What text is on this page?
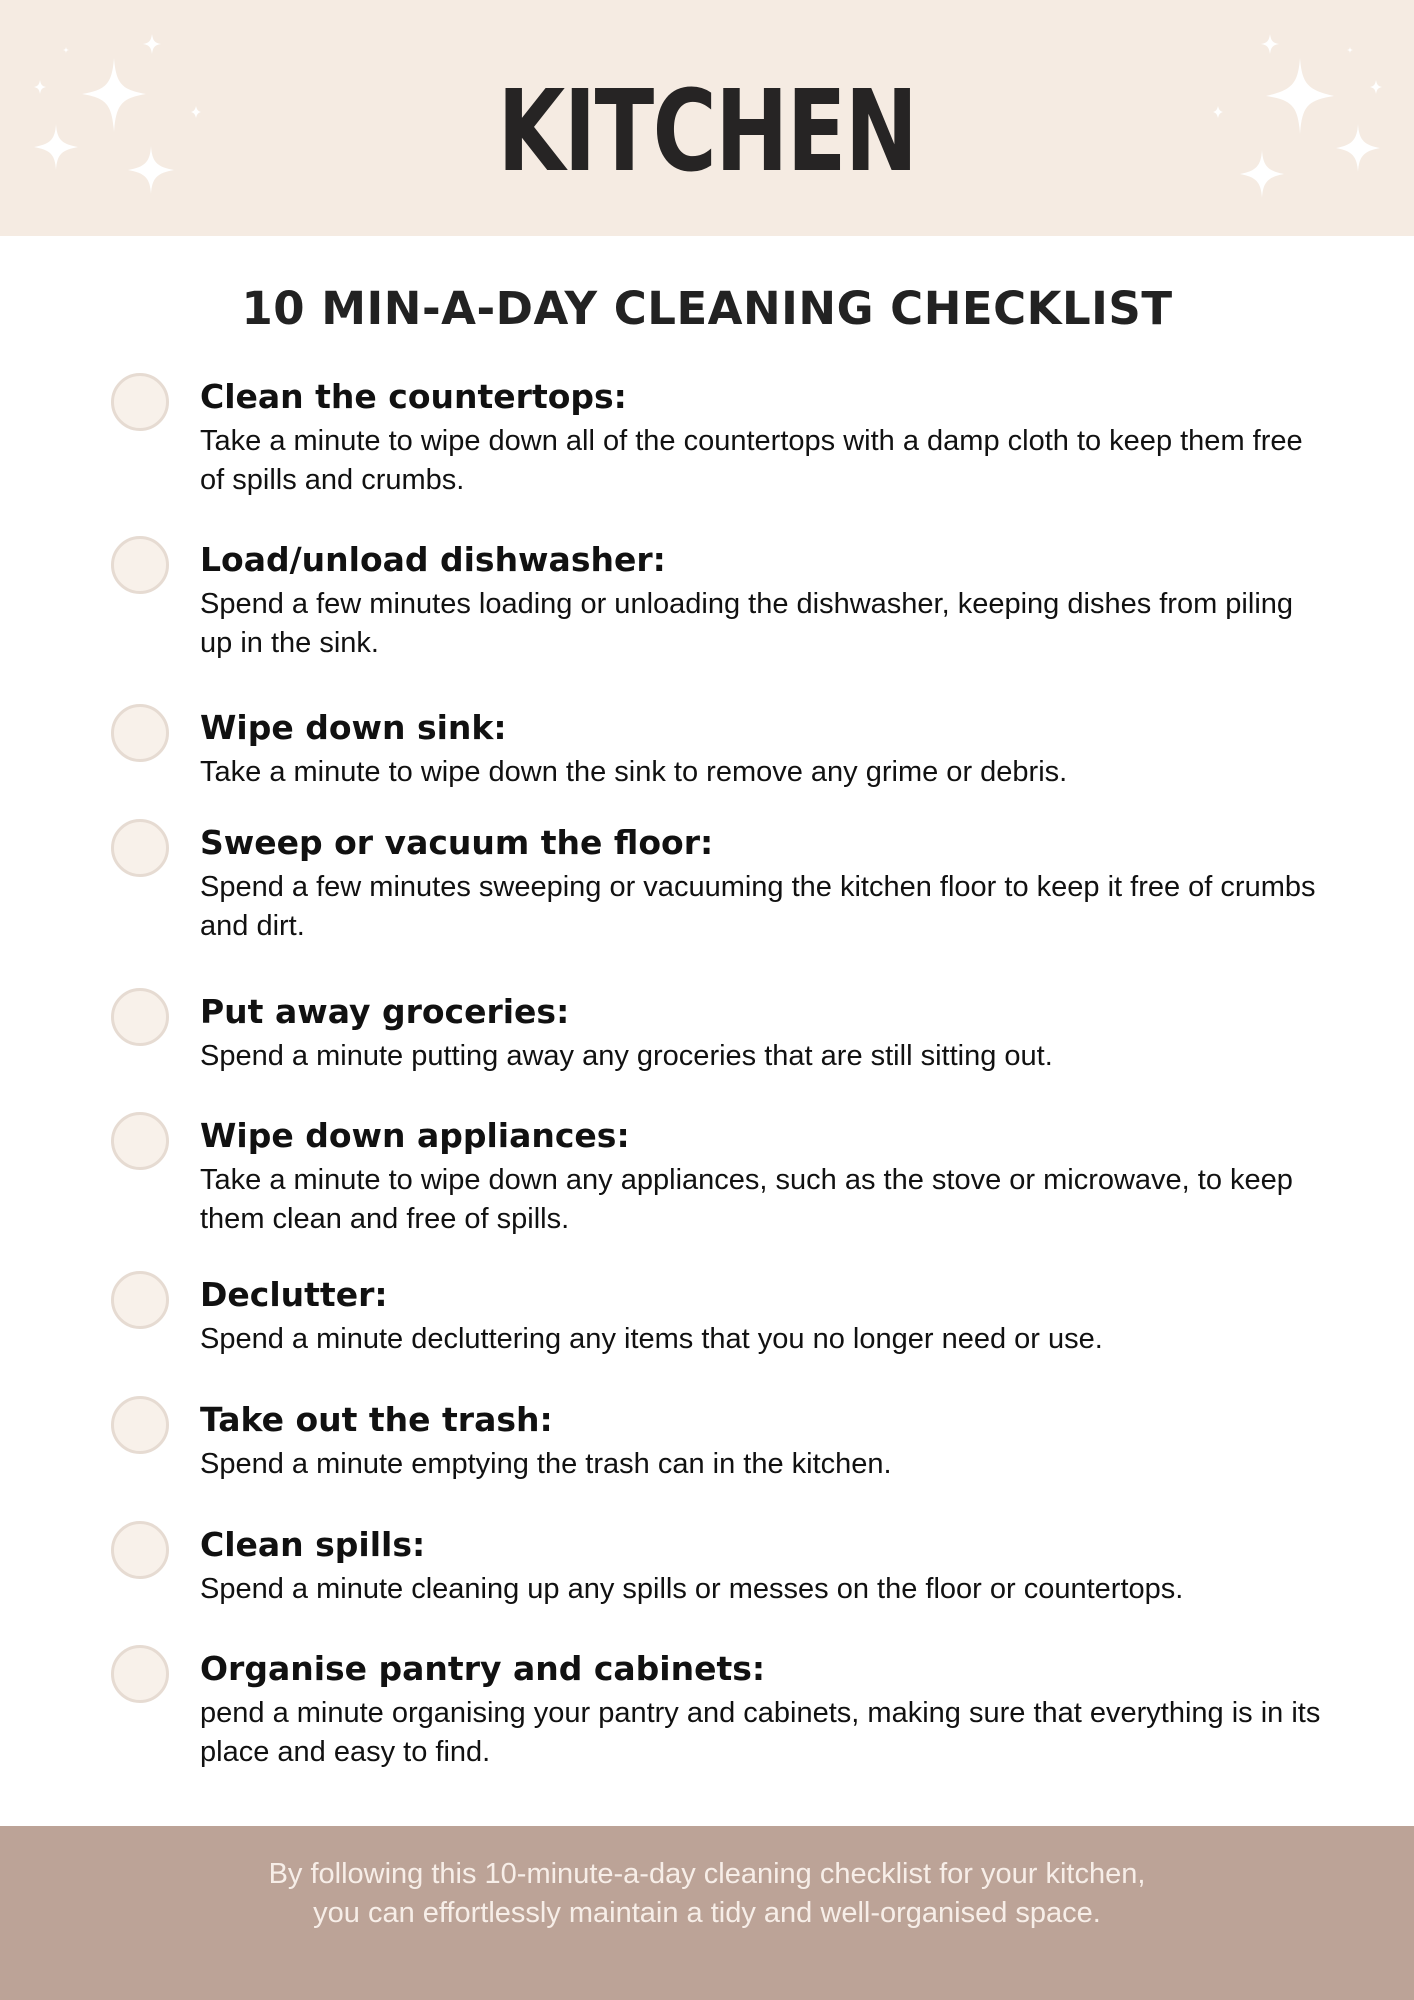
KITCHEN
10 MIN-A-DAY CLEANING CHECKLIST
Clean the countertops:
Take a minute to wipe down all of the countertops with a damp cloth to keep them free of spills and crumbs.
Load/unload dishwasher:
Spend a few minutes loading or unloading the dishwasher, keeping dishes from piling up in the sink.
Wipe down sink:
Take a minute to wipe down the sink to remove any grime or debris.
Sweep or vacuum the floor:
Spend a few minutes sweeping or vacuuming the kitchen floor to keep it free of crumbs and dirt.
Put away groceries:
Spend a minute putting away any groceries that are still sitting out.
Wipe down appliances:
Take a minute to wipe down any appliances, such as the stove or microwave, to keep them clean and free of spills.
Declutter:
Spend a minute decluttering any items that you no longer need or use.
Take out the trash:
Spend a minute emptying the trash can in the kitchen.
Clean spills:
Spend a minute cleaning up any spills or messes on the floor or countertops.
Organise pantry and cabinets:
pend a minute organising your pantry and cabinets, making sure that everything is in its place and easy to find.
By following this 10-minute-a-day cleaning checklist for your kitchen,
you can effortlessly maintain a tidy and well-organised space.
